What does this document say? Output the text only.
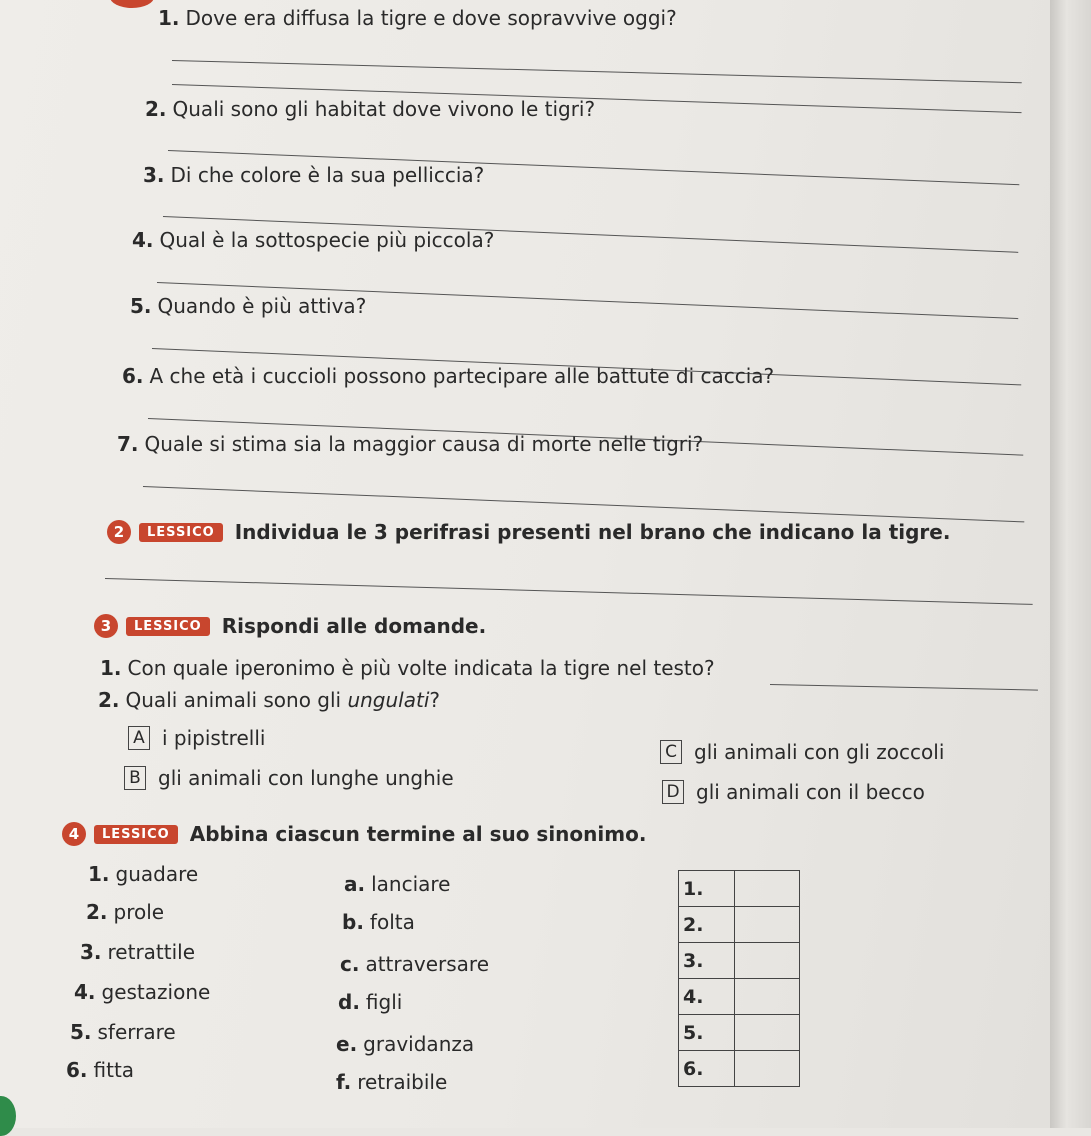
1. Dove era diffusa la tigre e dove sopravvive oggi?
2. Quali sono gli habitat dove vivono le tigri?
3. Di che colore è la sua pelliccia?
4. Qual è la sottospecie più piccola?
5. Quando è più attiva?
6. A che età i cuccioli possono partecipare alle battute di caccia?
7. Quale si stima sia la maggior causa di morte nelle tigri?
2	LESSICO	Individua le 3 perifrasi presenti nel brano che indicano la tigre.
3	LESSICO	Rispondi alle domande.
1. Con quale iperonimo è più volte indicata la tigre nel testo?
2. Quali animali sono gli ungulati?
A i pipistrelli
B gli animali con lunghe unghie
C gli animali con gli zoccoli
D gli animali con il becco
4	LESSICO	Abbina ciascun termine al suo sinonimo.
1. guadare
2. prole
3. retrattile
4. gestazione
5. sferrare
6. fitta
a. lanciare
b. folta
c. attraversare
d. figli
e. gravidanza
f. retraibile
1.	
2.	
3.	
4.	
5.	
6.	
